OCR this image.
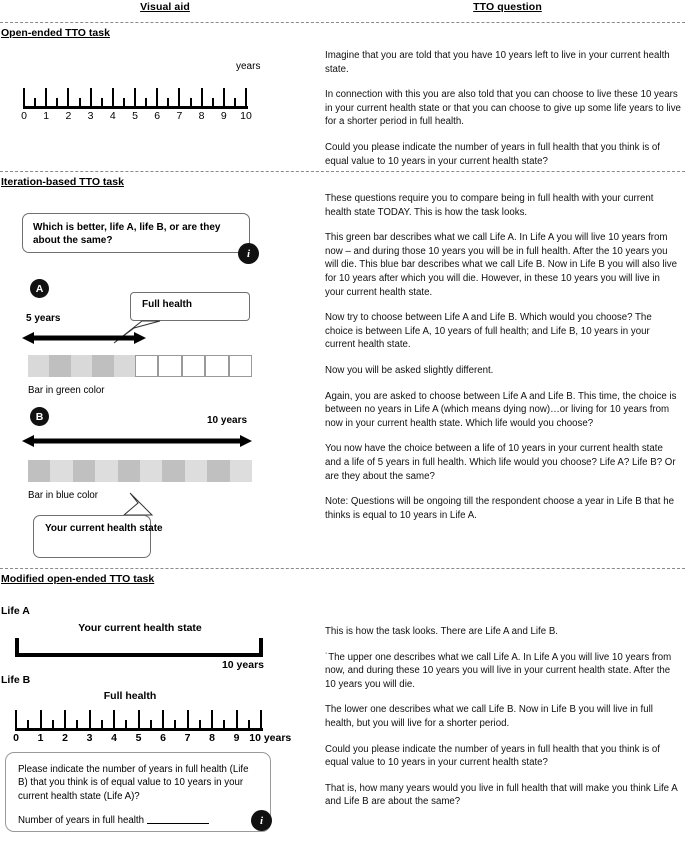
Visual aid	TTO question
Open-ended TTO task
years
0 1 2 3 4 5 6 7 8 9 10

Imagine that you are told that you have 10 years left to live in your current health state.

In connection with this you are also told that you can choose to live these 10 years in your current health state or that you can choose to give up some life years to live for a shorter period in full health.

Could you please indicate the number of years in full health that you think is of equal value to 10 years in your current health state?

Iteration-based TTO task
Which is better, life A, life B, or are they about the same?
i
A
Full health
5 years
Bar in green color
B	10 years
Bar in blue color
Your current health state

These questions require you to compare being in full health with your current health state TODAY. This is how the task looks.

This green bar describes what we call Life A. In Life A you will live 10 years from now – and during those 10 years you will be in full health. After the 10 years you will die. This blue bar describes what we call Life B. Now in Life B you will also live for 10 years after which you will die. However, in these 10 years you will live in your current health state.

Now try to choose between Life A and Life B. Which would you choose? The choice is between Life A, 10 years of full health; and Life B, 10 years in your current health state.

Now you will be asked slightly different.

Again, you are asked to choose between Life A and Life B. This time, the choice is between no years in Life A (which means dying now)…or living for 10 years from now in your current health state. Which life would you choose?

You now have the choice between a life of 10 years in your current health state and a life of 5 years in full health. Which life would you choose? Life A? Life B? Or are they about the same?

Note: Questions will be ongoing till the respondent choose a year in Life B that he thinks is equal to 10 years in Life A.

Modified open-ended TTO task
Life A
Your current health state
10 years
Life B
Full health
0 1 2 3 4 5 6 7 8 9 10 years

Please indicate the number of years in full health (Life B) that you think is of equal value to 10 years in your current health state (Life A)?

Number of years in full health	i

This is how the task looks. There are Life A and Life B.

˙The upper one describes what we call Life A. In Life A you will live 10 years from now, and during these 10 years you will live in your current health state. After the 10 years you will die.

The lower one describes what we call Life B. Now in Life B you will live in full health, but you will live for a shorter period.

Could you please indicate the number of years in full health that you think is of equal value to 10 years in your current health state?

That is, how many years would you live in full health that will make you think Life A and Life B are about the same?
